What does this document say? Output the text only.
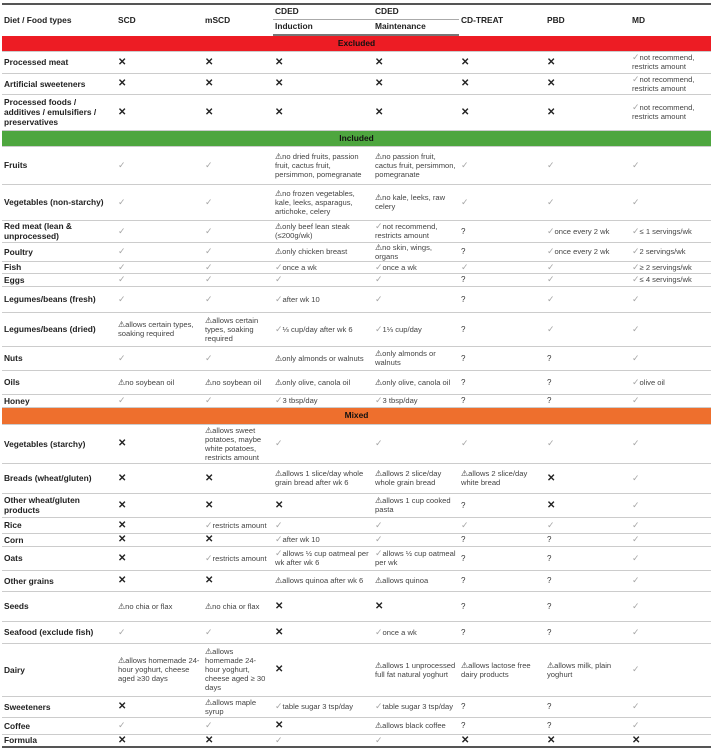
Diet / Food types	SCD	mSCD	CDED	CDED	CD-TREAT	PBD	MD
			Induction	Maintenance			
Excluded							
Processed meat	✕	✕	✕	✕	✕	✕	✓not recommend, restricts amount
Artificial sweeteners	✕	✕	✕	✕	✕	✕	✓not recommend, restricts amount
Processed foods / additives / emulsifiers / preservatives	✕	✕	✕	✕	✕	✕	✓not recommend, restricts amount
Included							
Fruits	✓	✓	⚠no dried fruits, passion fruit, cactus fruit, persimmon, pomegranate	⚠no passion fruit, cactus fruit, persimmon, pomegranate	✓	✓	✓
Vegetables (non-starchy)	✓	✓	⚠no frozen vegetables, kale, leeks, asparagus, artichoke, celery	⚠no kale, leeks, raw celery	✓	✓	✓
Red meat (lean & unprocessed)	✓	✓	⚠only beef lean steak (≤200g/wk)	✓not recommend, restricts amount	?	✓once every 2 wk	✓≤ 1 servings/wk
Poultry	✓	✓	⚠only chicken breast	⚠no skin, wings, organs	?	✓once every 2 wk	✓2 servings/wk
Fish	✓	✓	✓once a wk	✓once a wk	✓	✓	✓≥ 2 servings/wk
Eggs	✓	✓	✓	✓	?	✓	✓≤ 4 servings/wk
Legumes/beans (fresh)	✓	✓	✓after wk 10	✓	?	✓	✓
Legumes/beans (dried)	⚠allows certain types, soaking required	⚠allows certain types, soaking required	✓⅓ cup/day after wk 6	✓1⅓ cup/day	?	✓	✓
Nuts	✓	✓	⚠only almonds or walnuts	⚠only almonds or walnuts	?	?	✓
Oils	⚠no soybean oil	⚠no soybean oil	⚠only olive, canola oil	⚠only olive, canola oil	?	?	✓olive oil
Honey	✓	✓	✓3 tbsp/day	✓3 tbsp/day	?	?	✓
Mixed							
Vegetables (starchy)	✕	⚠allows sweet potatoes, maybe white potatoes, restricts amount	✓	✓	✓	✓	✓
Breads (wheat/gluten)	✕	✕	⚠allows 1 slice/day whole grain bread after wk 6	⚠allows 2 slice/day whole grain bread	⚠allows 2 slice/day white bread	✕	✓
Other wheat/gluten products	✕	✕	✕	⚠allows 1 cup cooked pasta	?	✕	✓
Rice	✕	✓restricts amount	✓	✓	✓	✓	✓
Corn	✕	✕	✓after wk 10	✓	?	?	✓
Oats	✕	✓restricts amount	✓allows ½ cup oatmeal per wk after wk 6	✓allows ½ cup oatmeal per wk	?	?	✓
Other grains	✕	✕	⚠allows quinoa after wk 6	⚠allows quinoa	?	?	✓
Seeds	⚠no chia or flax	⚠no chia or flax	✕	✕	?	?	✓
Seafood (exclude fish)	✓	✓	✕	✓once a wk	?	?	✓
Dairy	⚠allows homemade 24-hour yoghurt, cheese aged ≥30 days	⚠allows homemade 24-hour yoghurt, cheese aged ≥ 30 days	✕	⚠allows 1 unprocessed full fat natural yoghurt	⚠allows lactose free dairy products	⚠allows milk, plain yoghurt	✓
Sweeteners	✕	⚠allows maple syrup	✓table sugar 3 tsp/day	✓table sugar 3 tsp/day	?	?	✓
Coffee	✓	✓	✕	⚠allows black coffee	?	?	✓
Formula	✕	✕	✓	✓	✕	✕	✕
